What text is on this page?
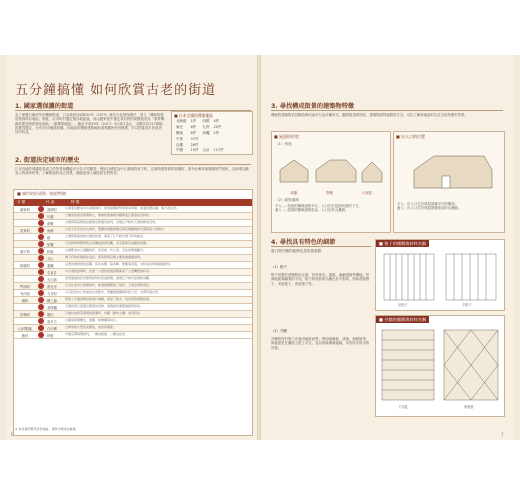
五分鐘搞懂 如何欣賞古老的街道
1. 國家選保護的街道
為了保護日漸消失的傳統街道，日本政府在昭和50年（1975）修訂文化財保護法，設立「傳統的建造物群保存地區」制度，由市町村選定保存地區後，再由國家從中選定具有特別高價值者為「重要傳統的建造物群保存地區」（重傳建地區）。截至平成29年（2017）8月8日為止，全國共有117個地區獲得選定，分布於43個道府縣。各地區的傳統建築與街道景觀皆受到保護，可以欣賞到古老而美好的町並。
■ 日本全國的傳建地區
北海道	1件	四國	4件
東北	6件	九州	20件
關東	6件	沖繩	2件
中部	37件		
近畿	26件		
中國	15件	合計	117件
2. 街道決定城市的歷史
日本各地的城鎮依其成立的背景與機能可分為不同類型，例如以城郭為中心發展的城下町、沿著街道發展的宿場町、因寺社參拜而興盛的門前町、以商業活動為主的商家町等。了解街道的成立背景，就能更深入地欣賞它們的美。
■ 城市的形成與一般的特徵
分 類	代 表	特 徵
商家町	高岡町	以商業活動為中心發展的町，街道兩側排列著商家建築，前面設置店鋪，後方為住居。
川越	土藏造的商家建築林立，厚重的黑漆喰外牆與鬼瓦屋頂為其特色。
倉敷	白壁與海鼠壁的倉庫群沿著運河排列，呈現江戶時代天領的繁榮景象。
武家町	角館	以武士住宅為中心的町，寬闊的道路兩側有黑板塀圍繞的宅邸與高大的樹木。
萩	土塀與夏蜜柑樹交織的街道，保留了江戶時代城下町的格局。
知覽	石垣與修剪整齊的生垣構成街道景觀，各宅邸保有美麗的庭園。
城下町	松阪	以城郭為中心規劃的町，武家地、町人地、寺社地明確劃分。
犬山	城下町的町割保存良好，商家建築沿著主要街道連續排列。
宿場町	妻籠	沿著街道發展的宿驛，設有本陣、脇本陣、旅籠等設施，出桁造的建築連續排列。
奈良井	中山道的宿場町，長達一公里的街道兩側保留了大量傳統的町家。
大內宿	茅葺屋頂的民家整齊排列於街道兩側，重現江戶時代宿場的景觀。
門前町	善光寺	以寺社為中心發展的町，參道兩側聚集了宿坊、土產店與飲食店。
寺內町	今井町	以寺院為中心形成的自治都市，周圍環繞護城河與土居，內部町割井然。
港町	鞆之浦	因海上交通而繁榮的港口城鎮，保留了雁木、常夜燈等港灣設施。
美保關	石疊的青石畳通沿著海岸延伸，兩側排列著舊旅館與商家。
在鄉町	增田	以農村為背景發展的商業町，內藏（屋內土藏）為其特色。
喜多方	以藏造建築聞名，酒藏、味噌藏等林立。
山村集落	白川鄉	合掌造的大型民家聚集，為世界遺產。
漁村	伊根	舟屋沿著海灣排列，一樓為船庫，二樓為住居。
※ 本表僅列舉代表性地區，實際分類可能重疊。
6
3. 尋找構成街景的建築物特徵
傳統的建築物依其構造與用途可分為多種形式。觀察屋頂的形狀、建築物面對道路的方式，可以了解該地區的生活文化與歷史背景。
■ 屋頂的形狀
（1）形狀
切妻	寄棟	入母屋
（2）面對道路
平入 — 屋頂的棟與道路平行，入口位於屋頂斜面的下方。
妻入 — 屋頂的棟與道路垂直，入口位於山牆面。
■ 出入口的位置
平入：出入口位於與屋頂棟平行的側面。
妻入：出入口位於與屋頂棟垂直的山牆面。
4. 尋找具有特色的細節
窗口與外牆的裝飾也是欣賞重點
（1）格子
格子設置於建築物的正面，具有採光、通風、遮蔽視線等機能。依照地區與職業的不同，格子的形狀與名稱也各不相同，例如酒屋格子、米屋格子、糸屋格子等。
（2）外牆
外牆的材料與工法會因地區而異，例如雨淋板、漆喰、海鼠壁等。海鼠壁是在牆面上貼上平瓦，並以漆喰填補接縫，具有防火防水的效果。
■ 格子的種類與材料名稱
出格子	平格子
■ 外牆的種類與材料名稱
下見板	海鼠壁
7
